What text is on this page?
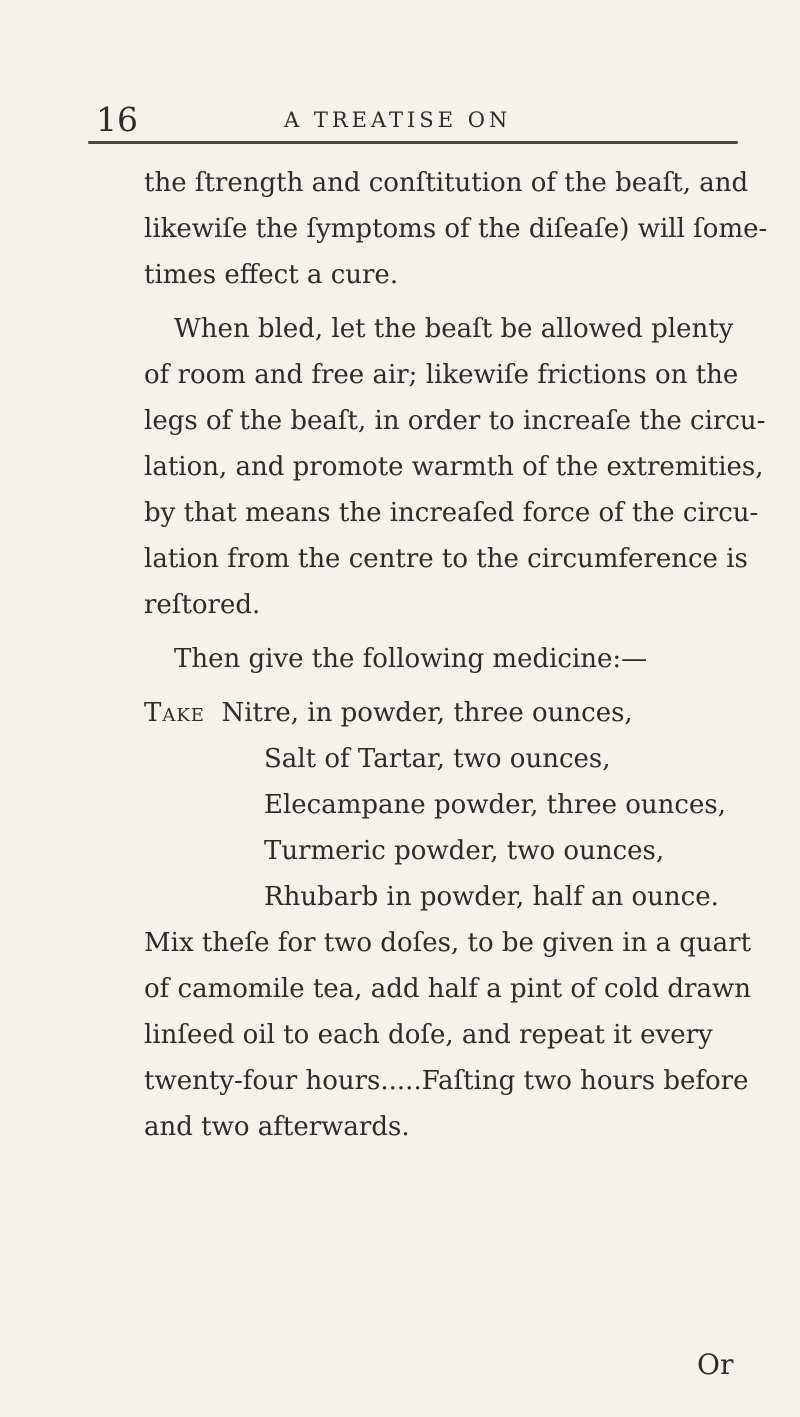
16	A TREATISE ON
the ſtrength and conſtitution of the beaſt, and
likewiſe the ſymptoms of the diſeaſe) will ſome-
times effect a cure.
When bled, let the beaſt be allowed plenty
of room and free air; likewiſe frictions on the
legs of the beaſt, in order to increaſe the circu-
lation, and promote warmth of the extremities,
by that means the increaſed force of the circu-
lation from the centre to the circumference is
reſtored.
Then give the following medicine:—
Take Nitre, in powder, three ounces,
Salt of Tartar, two ounces,
Elecampane powder, three ounces,
Turmeric powder, two ounces,
Rhubarb in powder, half an ounce.
Mix theſe for two doſes, to be given in a quart
of camomile tea, add half a pint of cold drawn
linſeed oil to each doſe, and repeat it every
twenty-four hours.....Faſting two hours before
and two afterwards.
Or
